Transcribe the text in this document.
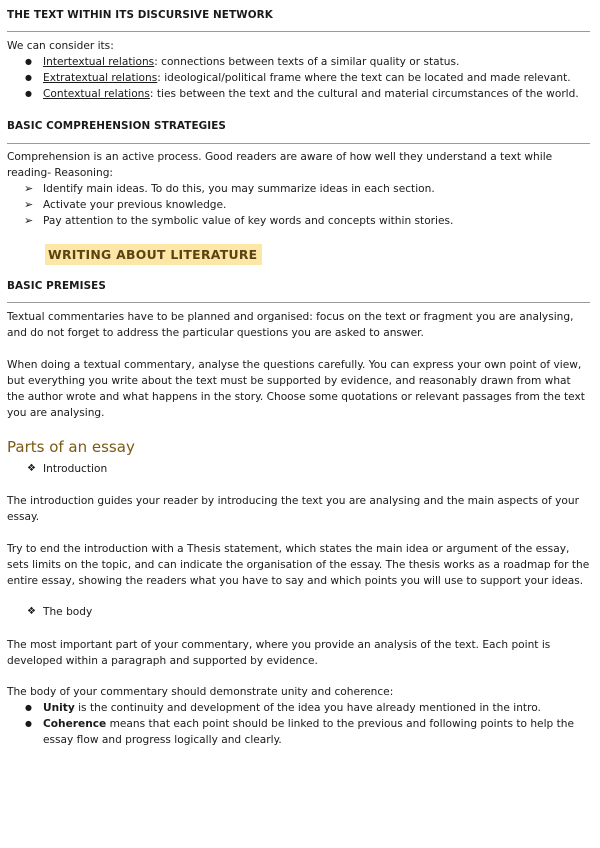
THE TEXT WITHIN ITS DISCURSIVE NETWORK

We can consider its:

● Intertextual relations: connections between texts of a similar quality or status.
● Extratextual relations: ideological/political frame where the text can be located and made relevant.
● Contextual relations: ties between the text and the cultural and material circumstances of the world.
BASIC COMPREHENSION STRATEGIES

Comprehension is an active process. Good readers are aware of how well they understand a text while
reading- Reasoning:

➢ Identify main ideas. To do this, you may summarize ideas in each section.
➢ Activate your previous knowledge.
➢ Pay attention to the symbolic value of key words and concepts within stories.
WRITING ABOUT LITERATURE
BASIC PREMISES

Textual commentaries have to be planned and organised: focus on the text or fragment you are analysing,
and do not forget to address the particular questions you are asked to answer.

When doing a textual commentary, analyse the questions carefully. You can express your own point of view,
but everything you write about the text must be supported by evidence, and reasonably drawn from what
the author wrote and what happens in the story. Choose some quotations or relevant passages from the text
you are analysing.

Parts of an essay
❖ Introduction

The introduction guides your reader by introducing the text you are analysing and the main aspects of your
essay.

Try to end the introduction with a Thesis statement, which states the main idea or argument of the essay,
sets limits on the topic, and can indicate the organisation of the essay. The thesis works as a roadmap for the
entire essay, showing the readers what you have to say and which points you will use to support your ideas.

❖ The body

The most important part of your commentary, where you provide an analysis of the text. Each point is
developed within a paragraph and supported by evidence.

The body of your commentary should demonstrate unity and coherence:

● Unity is the continuity and development of the idea you have already mentioned in the intro.
● Coherence means that each point should be linked to the previous and following points to help the
essay flow and progress logically and clearly.
